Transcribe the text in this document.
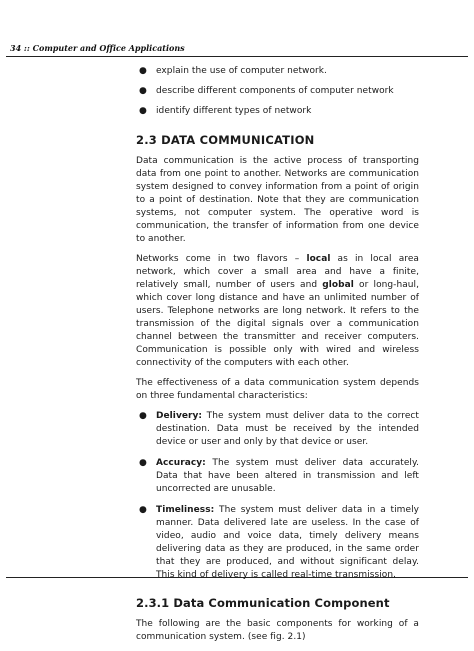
34 :: Computer and Office Applications
● explain the use of computer network.
● describe different components of computer network
● identify different types of network
2.3 DATA COMMUNICATION

Data communication is the active process of transporting data from one point to another. Networks are communication system designed to convey information from a point of origin to a point of destination. Note that they are communication systems, not computer system. The operative word is communication, the transfer of information from one device to another.

Networks come in two flavors – local as in local area network, which cover a small area and have a finite, relatively small, number of users and global or long-haul, which cover long distance and have an unlimited number of users. Telephone networks are long network. It refers to the transmission of the digital signals over a communication channel between the transmitter and receiver computers. Communication is possible only with wired and wireless connectivity of the computers with each other.

The effectiveness of a data communication system depends on three fundamental characteristics:

● Delivery: The system must deliver data to the correct destination. Data must be received by the intended device or user and only by that device or user.
● Accuracy: The system must deliver data accurately. Data that have been altered in transmission and left uncorrected are unusable.
● Timeliness: The system must deliver data in a timely manner. Data delivered late are useless. In the case of video, audio and voice data, timely delivery means delivering data as they are produced, in the same order that they are produced, and without significant delay. This kind of delivery is called real-time transmission.
2.3.1 Data Communication Component

The following are the basic components for working of a communication system. (see fig. 2.1)
